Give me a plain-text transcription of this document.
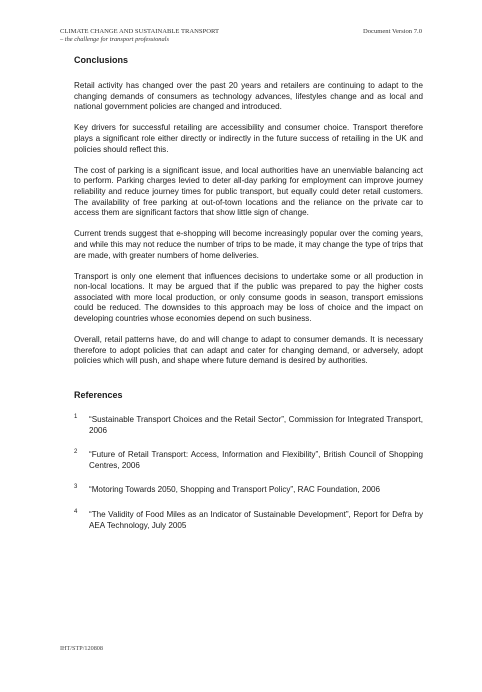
CLIMATE CHANGE AND SUSTAINABLE TRANSPORT	Document Version 7.0
– the challenge for transport professionals
Conclusions

Retail activity has changed over the past 20 years and retailers are continuing to adapt to the changing demands of consumers as technology advances, lifestyles change and as local and national government policies are changed and introduced.

Key drivers for successful retailing are accessibility and consumer choice. Transport therefore plays a significant role either directly or indirectly in the future success of retailing in the UK and policies should reflect this.

The cost of parking is a significant issue, and local authorities have an unenviable balancing act to perform. Parking charges levied to deter all-day parking for employment can improve journey reliability and reduce journey times for public transport, but equally could deter retail customers. The availability of free parking at out-of-town locations and the reliance on the private car to access them are significant factors that show little sign of change.

Current trends suggest that e-shopping will become increasingly popular over the coming years, and while this may not reduce the number of trips to be made, it may change the type of trips that are made, with greater numbers of home deliveries.

Transport is only one element that influences decisions to undertake some or all production in non-local locations. It may be argued that if the public was prepared to pay the higher costs associated with more local production, or only consume goods in season, transport emissions could be reduced. The downsides to this approach may be loss of choice and the impact on developing countries whose economies depend on such business.

Overall, retail patterns have, do and will change to adapt to consumer demands. It is necessary therefore to adopt policies that can adapt and cater for changing demand, or adversely, adopt policies which will push, and shape where future demand is desired by authorities.

References
1 “Sustainable Transport Choices and the Retail Sector”, Commission for Integrated Transport, 2006
2 “Future of Retail Transport: Access, Information and Flexibility”, British Council of Shopping Centres, 2006
3 “Motoring Towards 2050, Shopping and Transport Policy”, RAC Foundation, 2006
4 “The Validity of Food Miles as an Indicator of Sustainable Development”, Report for Defra by AEA Technology, July 2005
IHT/STP/120808
